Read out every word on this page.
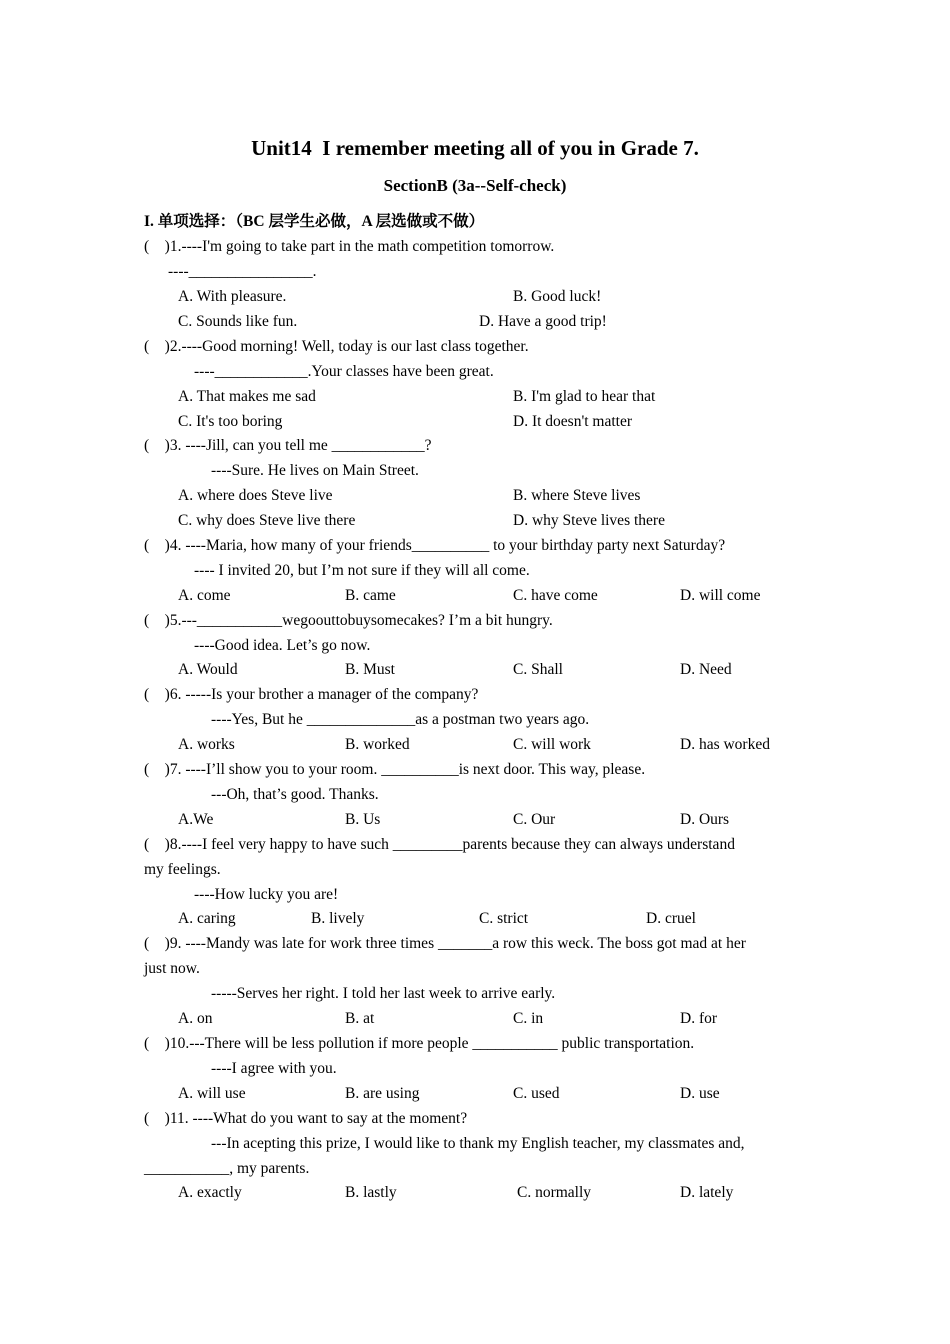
Unit14  I remember meeting all of you in Grade 7.
SectionB (3a--Self-check)
I. 单项选择：（BC 层学生必做，A 层选做或不做）
(    )1.----I'm going to take part in the math competition tomorrow.
----________________.
A. With pleasure.	B. Good luck!
C. Sounds like fun.	D. Have a good trip!
(    )2.----Good morning! Well, today is our last class together.
----____________.Your classes have been great.
A. That makes me sad	B. I'm glad to hear that
C. It's too boring	D. It doesn't matter
(    )3. ----Jill, can you tell me ____________?
----Sure. He lives on Main Street.
A. where does Steve live	B. where Steve lives
C. why does Steve live there	D. why Steve lives there
(    )4. ----Maria, how many of your friends__________ to your birthday party next Saturday?
---- I invited 20, but I’m not sure if they will all come.
A. come	B. came	C. have come	D. will come
(    )5.---___________wegoouttobuysomecakes? I’m a bit hungry.
----Good idea. Let’s go now.
A. Would	B. Must	C. Shall	D. Need
(    )6. -----Is your brother a manager of the company?
----Yes, But he ______________as a postman two years ago.
A. works	B. worked	C. will work	D. has worked
(    )7. ----I’ll show you to your room. __________is next door. This way, please.
---Oh, that’s good. Thanks.
A.We	B. Us	C. Our	D. Ours
(    )8.----I feel very happy to have such _________parents because they can always understand
my feelings.
----How lucky you are!
A. caring	B. lively	C. strict	D. cruel
(    )9. ----Mandy was late for work three times _______a row this weck. The boss got mad at her
just now.
-----Serves her right. I told her last week to arrive early.
A. on	B. at	C. in	D. for
(    )10.---There will be less pollution if more people ___________ public transportation.
----I agree with you.
A. will use	B. are using	C. used	D. use
(    )11. ----What do you want to say at the moment?
---In acepting this prize, I would like to thank my English teacher, my classmates and,
___________, my parents.
A. exactly	B. lastly	C. normally	D. lately
